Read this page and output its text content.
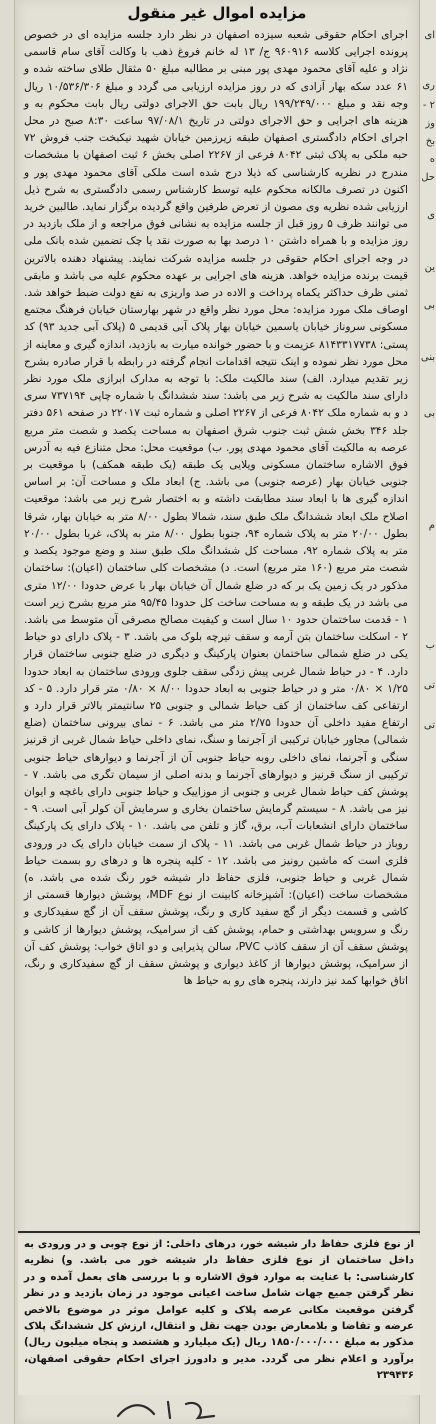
مزایده اموال غیر منقول

اجرای احکام حقوقی شعبه سیزده اصفهان در نظر دارد جلسه مزایده ای در خصوص پرونده اجرایی کلاسه ۹۶۰۹۱۶ ج/ ۱۳ له خانم فروغ ذهب با وکالت آقای سام قاسمی نژاد و علیه آقای محمود مهدی پور مبنی بر مطالبه مبلغ ۵۰ مثقال طلای ساخته شده و ۶۱ عدد سکه بهار آزادی که در روز مزایده ارزیابی می گردد و مبلغ ۱۰/۵۳۶/۳۰۶ ریال وجه نقد و مبلغ ۱۹۹/۲۴۹/۰۰۰ ریال بابت حق الاجرای دولتی ریال بابت محکوم به و هزینه های اجرایی و حق الاجرای دولتی در تاریخ ۹۷/۰۸/۱ ساعت ۸:۳۰ صبح در محل اجرای احکام دادگستری اصفهان طبقه زیرزمین خیابان شهید نیکبخت جنب فروش ۷۲ حبه ملکی به پلاک ثبتی ۸۰۴۲ فرعی از ۲۲۶۷ اصلی بخش ۶ ثبت اصفهان با مشخصات مندرج در نظریه کارشناسی که ذیلا درج شده است ملکی آقای محمود مهدی پور و اکنون در تصرف مالکانه محکوم علیه توسط کارشناس رسمی دادگستری به شرح ذیل ارزیابی شده نظریه وی مصون از تعرض طرفین واقع گردیده برگزار نماید. طالبین خرید می توانند ظرف ۵ روز قبل از جلسه مزایده به نشانی فوق مراجعه و از ملک بازدید در روز مزایده و با همراه داشتن ۱۰ درصد بها به صورت نقد یا چک تضمین شده بانک ملی در وجه اجرای احکام حقوقی در جلسه مزایده شرکت نمایند. پیشنهاد دهنده بالاترین قیمت برنده مزایده خواهد. هزینه های اجرایی بر عهده محکوم علیه می باشد و مابقی ثمنی ظرف حداکثر یکماه پرداخت و الاده در صد واریزی به نفع دولت ضبط خواهد شد. اوصاف ملک مورد مزایده: محل مورد نظر واقع در شهر بهارستان خیابان فرهنگ مجتمع مسکونی سروناز خیابان یاسمین خیابان بهار پلاک آبی قدیمی ۵ (پلاک آبی جدید ۹۳) کد پستی: ۸۱۴۳۳۱۷۷۳۸ عزیمت و با حضور خوانده میارت به بازدید، اندازه گیری و معاینه از محل مورد نظر نموده و اینک نتیجه اقدامات انجام گرفته در رابطه با قرار صادره بشرح زیر تقدیم میدارد. الف) سند مالکیت ملک: با توجه به مدارک ابرازی ملک مورد نظر دارای سند مالکیت به شرح زیر می باشد: سند ششدانگ با شماره چاپی ۷۳۷۱۹۴ سری د و به شماره ملک ۸۰۴۲ فرعی از ۲۲۶۷ اصلی و شماره ثبت ۲۲۰۱۷ در صفحه ۵۶۱ دفتر جلد ۳۴۶ بخش شش ثبت جنوب شرق اصفهان به مساحت یکصد و شصت متر مربع عرصه به مالکیت آقای محمود مهدی پور. ب) موقعیت محل: محل متنازع فیه به آدرس فوق الاشاره ساختمان مسکونی ویلایی یک طبقه (یک طبقه همکف) با موقعیت بر جنوبی خیابان بهار (عرصه جنوبی) می باشد. ج) ابعاد ملک و مساحت آن: بر اساس اندازه گیری ها با ابعاد سند مطابقت داشته و به اختصار شرح زیر می باشد: موقعیت اصلاح ملک ابعاد ششدانگ ملک طبق سند، شمالا بطول ۸/۰۰ متر به خیابان بهار، شرقا بطول ۲۰/۰۰ متر به پلاک شماره ۹۴، جنوبا بطول ۸/۰۰ متر به پلاک، غربا بطول ۲۰/۰۰ متر به پلاک شماره ۹۲، مساحت کل ششدانگ ملک طبق سند و وضع موجود یکصد و شصت متر مربع (۱۶۰ متر مربع) است. د) مشخصات کلی ساختمان (اعیان): ساختمان مذکور در یک زمین یک بر که در ضلع شمال آن خیابان بهار با عرض حدودا ۱۲/۰۰ متری می باشد در یک طبقه و به مساحت ساخت کل حدودا ۹۵/۴۵ متر مربع بشرح زیر است ۱ - قدمت ساختمان حدود ۱۰ سال است و کیفیت مصالح مصرفی آن متوسط می باشد. ۲ - اسکلت ساختمان بتن آرمه و سقف تیرچه بلوک می باشد. ۳ - پلاک دارای دو حیاط یکی در ضلع شمالی ساختمان بعنوان پارکینگ و دیگری در ضلع جنوبی ساختمان قرار دارد. ۴ - در حیاط شمال غربی پیش زدگی سقف جلوی ورودی ساختمان به ابعاد حدودا ۱/۲۵ × ۰/۸۰ متر و در حیاط جنوبی به ابعاد حدودا ۸/۰۰ × ۰/۸۰ متر قرار دارد. ۵ - کد ارتفاعی کف ساختمان از کف حیاط شمالی و جنوبی ۲۵ سانتیمتر بالاتر قرار دارد و ارتفاع مفید داخلی آن حدودا ۲/۷۵ متر می باشد. ۶ - نمای بیرونی ساختمان (ضلع شمالی) مجاور خیابان ترکیبی از آجرنما و سنگ، نمای داخلی حیاط شمال غربی از قرنیز سنگی و آجرنما، نمای داخلی روبه حیاط جنوبی آن از آجرنما و دیوارهای حیاط جنوبی ترکیبی از سنگ قرنیز و دیوارهای آجرنما و بدنه اصلی از سیمان تگری می باشد. ۷ - پوشش کف حیاط شمال غربی و جنوبی از موزاییک و حیاط جنوبی دارای باغچه و ایوان نیز می باشد. ۸ - سیستم گرمایش ساختمان بخاری و سرمایش آن کولر آبی است. ۹ - ساختمان دارای انشعابات آب، برق، گاز و تلفن می باشد. ۱۰ - پلاک دارای یک پارکینگ روباز در حیاط شمال غربی می باشد. ۱۱ - پلاک از سمت خیابان دارای یک در ورودی فلزی است که ماشین رونیز می باشد. ۱۲ - کلیه پنجره ها و درهای رو بسمت حیاط شمال غربی و حیاط جنوبی، فلزی حفاظ دار شیشه خور رنگ شده می باشد. ه) مشخصات ساخت (اعیان): آشپزخانه کابینت از نوع MDF، پوشش دیوارها قسمتی از کاشی و قسمت دیگر از گچ سفید کاری و رنگ، پوشش سقف آن از گچ سفیدکاری و رنگ و سرویس بهداشتی و حمام، پوشش کف از سرامیک، پوشش دیوارها از کاشی و پوشش سقف آن از سقف کاذب PVC، سالن پذیرایی و دو اتاق خواب: پوشش کف آن از سرامیک، پوشش دیوارها از کاغذ دیواری و پوشش سقف از گچ سفیدکاری و رنگ، اتاق خوابها کمد نیز دارند، پنجره های رو به حیاط ها

ای
ری
۲ -
وز
بخ
ه
حل
ی
ین
بی
بنی
بی
م
ب
تی
تی

از نوع فلزی حفاظ دار شیشه خور، درهای داخلی: از نوع چوبی و در ورودی به داخل ساختمان از نوع فلزی حفاظ دار شیشه خور می باشد. و) نظریه کارشناسی: با عنایت به موارد فوق الاشاره و با بررسی های بعمل آمده و در نظر گرفتن جمیع جهات شامل ساخت اعیانی موجود در زمان بازدید و در نظر گرفتن موقعیت مکانی عرصه پلاک و کلیه عوامل موثر در موضوع بالاخص عرضه و تقاضا و بلامعارض بودن جهت نقل و انتقال، ارزش کل ششدانگ پلاک مذکور به مبلغ ۱۸۵۰/۰۰۰/۰۰۰ ریال (یک میلیارد و هشتصد و پنجاه میلیون ریال) برآورد و اعلام نظر می گردد. مدیر و دادورز اجرای احکام حقوقی اصفهان، ۲۳۹۴۳۶
